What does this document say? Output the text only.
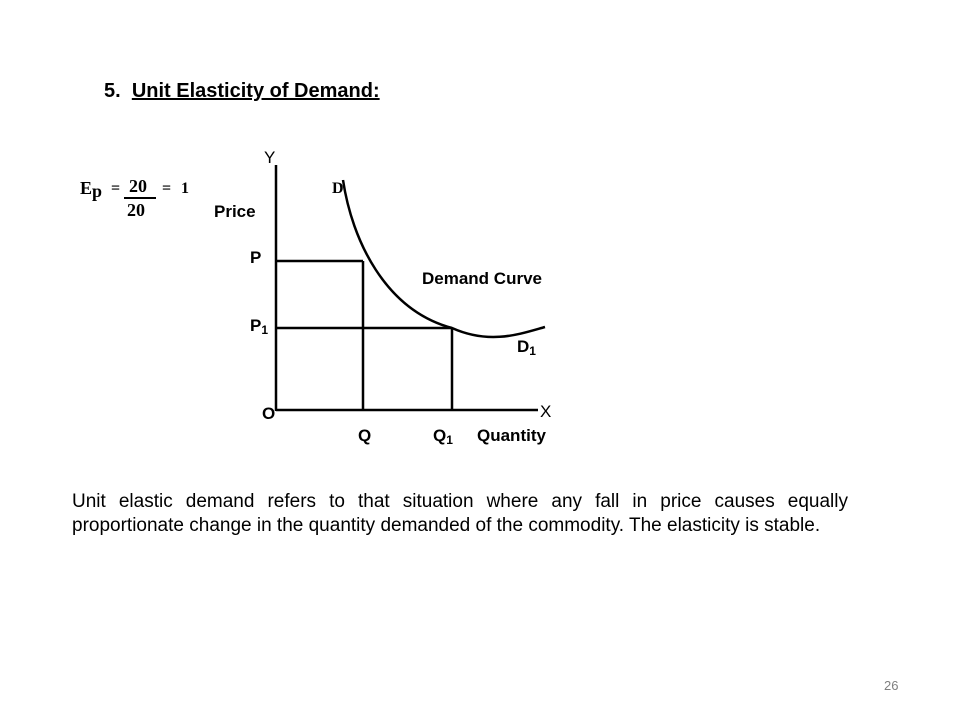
5. Unit Elasticity of Demand:
$E_p = 20$
20
= 1	D
Y
Price
P
$P_1$
O	X
Q	$Q_1$ Quantity
Demand Curve
$D_1$
Unit elastic demand refers to that situation where any fall in price causes equally proportionate change in the quantity demanded of the commodity. The elasticity is stable.
26
